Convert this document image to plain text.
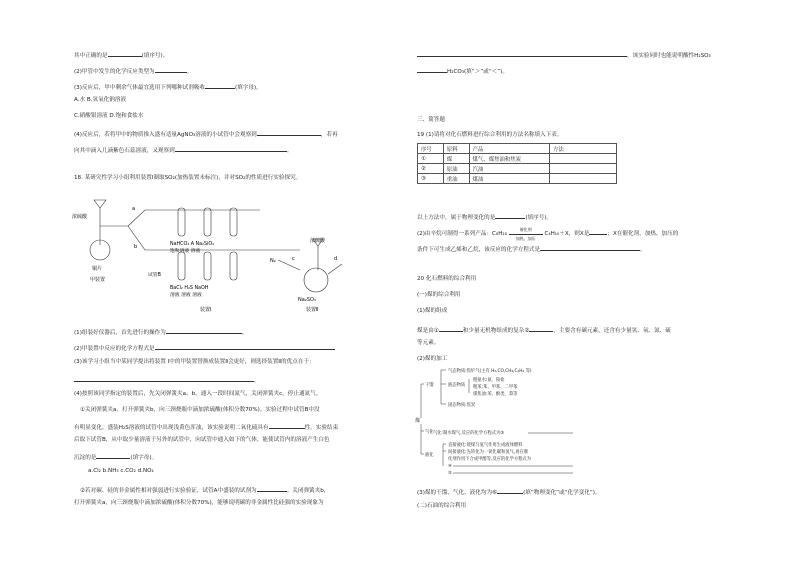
其中正确的是	(填序号)。
(2)甲管中发生的化学反应类型为	。
(3)反应后，甲中剩余气体最宜选用下列哪种试剂吸收	(填字母)。
A.水 B.氢氧化钠溶液
C.硝酸银溶液 D.饱和食盐水
(4)反应后，若将甲中的物质推入盛有适量AgNO₃溶液的小试管中会观察到	，若再
向其中滴入几滴紫色石蕊溶液，又观察到	。
18. 某研究性学习小组利用装置Ⅰ制取SO₂(加热装置未标注)，并对SO₂的性质进行实验探究。
浓硫酸
铜片
甲装置
a
b	NaHCO₃ A Na₂SiO₃
饱和溶液 溶液
试管B
BaCl₂ H₂S NaOH
溶液 溶液 溶液
装置Ⅰ
N₂	c
浓硫酸
d
Na₂SO₃
装置Ⅱ
(1)组装好仪器后，首先进行的操作为	。
(2)甲装置中反应的化学方程式是
(3)该学习小组当中某同学提出将装置 Ⅰ中的甲装置替换成装置Ⅱ会更好，则选择装置Ⅱ的优点在于：
。
(4)按照该同学指定的装置后，先关闭弹簧夹a、b，通入一段时间氮气，关闭弹簧夹c，停止通氮气。
①关闭弹簧夹a，打开弹簧夹b，向三颈烧瓶中滴加浓硫酸(体积分数70%)。实验过程中试管B中没
有明显变化，盛装H₂S溶液的试管中出现浅黄色浑浊，该实验说明二氧化硫具有	性。实验结束
后取下试管B，从中取少量溶液于另外的试管中，向试管中通入如下的气体，能使试管内的溶液产生白色
沉淀的是	(填字母)。
a.Cl₂ b.NH₃ c.CO₂ d.NO₂
②若对碳、硅的非金属性相对强弱进行实验验证，试管A中盛装的试剂为	。关闭弹簧夹b，
打开弹簧夹a，向三颈烧瓶中滴加浓硫酸(体积分数70%)，能够说明碳的非金属性比硅强的实验现象为
，该实验同时也能说明酸性H₂SO₃
H₂CO₃(填“＞”或“＜”)。
三、简答题
19 (1)请将对化石燃料进行综合利用的方法名称填入下表。
序号	原料	产品	方法
①	煤	煤气、煤焦油和焦炭	
②	原油	汽油	
③	重油	煤油	
以上方法中，属于物理变化的是	(填序号)。
(2)由辛烷可制得一系列产品：C₈H₁₈
催化剂
加热、加压
C₄H₁₀＋X，则X是	；X在催化剂、加热、加压的
条件下可生成乙烯和乙烷，该反应的化学方程式是	。
20 化石燃料的综合利用
(一)煤的综合利用
(1)煤的组成
煤是由①	和少量无机物组成的复杂②	，主要含有碳元素，还含有少量氢、氧、氮、硫
等元素。
(2)煤的加工
煤
干馏
气化
液化
气态物质:焦炉气(主有 H₂,CO,CH₄,C₂H₄ 等)
液态物质
粗氨水:氨、铵盐
粗苯:苯、甲苯、二甲苯
煤焦油:苯、酚类、萘等
固态物质:焦炭
气化:制水煤气,反应的化学方程式为③
直接液化:使煤与氢气作用生成液体燃料
间接液化:先转化为一氧化碳和氢气,再在催
化剂作用下合成甲醇等,反应的化学方程式为
④
⑤
(3)煤的干馏、气化、液化均为⑥	(填“物理变化”或“化学变化”)。
(二)石油的综合利用
